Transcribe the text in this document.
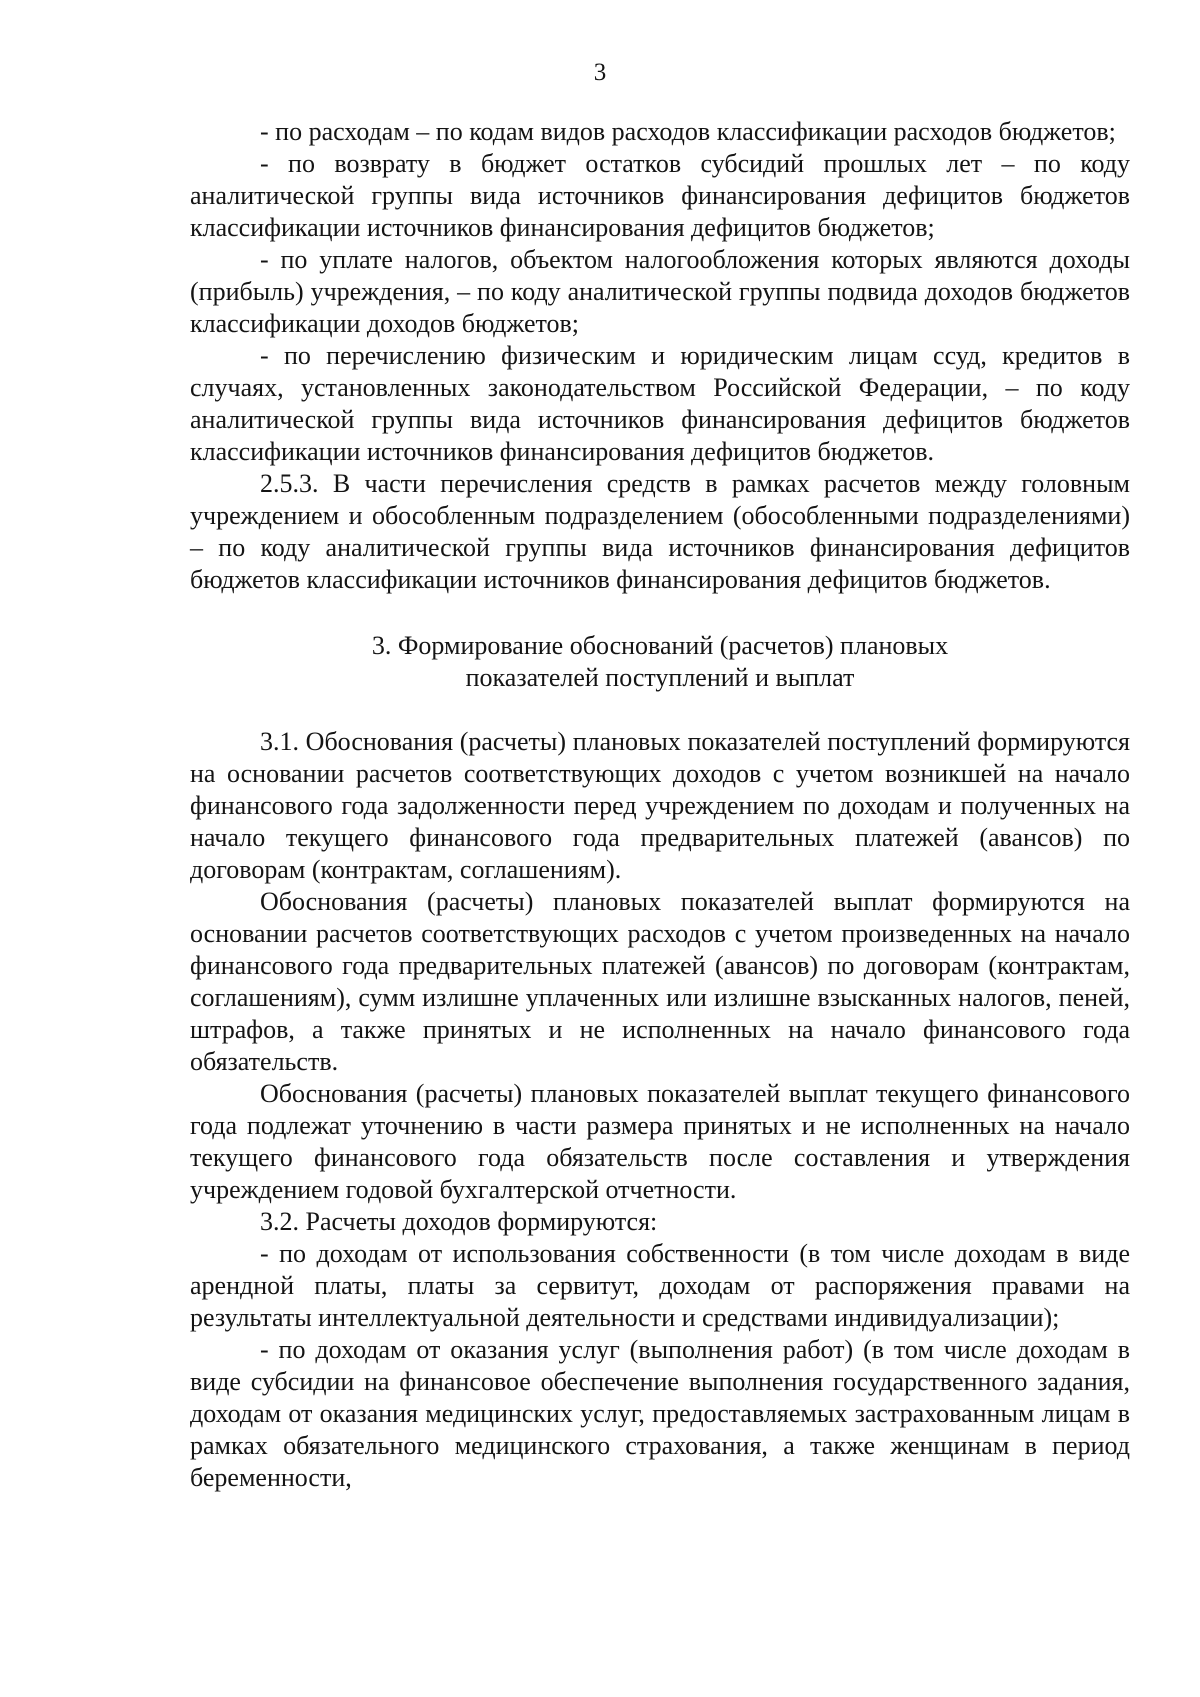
3

- по расходам – по кодам видов расходов классификации расходов бюджетов;

- по возврату в бюджет остатков субсидий прошлых лет – по коду аналитической группы вида источников финансирования дефицитов бюджетов классификации источников финансирования дефицитов бюджетов;

- по уплате налогов, объектом налогообложения которых являются доходы (прибыль) учреждения, – по коду аналитической группы подвида доходов бюджетов классификации доходов бюджетов;

- по перечислению физическим и юридическим лицам ссуд, кредитов в случаях, установленных законодательством Российской Федерации, – по коду аналитической группы вида источников финансирования дефицитов бюджетов классификации источников финансирования дефицитов бюджетов.

2.5.3. В части перечисления средств в рамках расчетов между головным учреждением и обособленным подразделением (обособленными подразделениями) – по коду аналитической группы вида источников финансирования дефицитов бюджетов классификации источников финансирования дефицитов бюджетов.

3. Формирование обоснований (расчетов) плановых
показателей поступлений и выплат

3.1. Обоснования (расчеты) плановых показателей поступлений формируются на основании расчетов соответствующих доходов с учетом возникшей на начало финансового года задолженности перед учреждением по доходам и полученных на начало текущего финансового года предварительных платежей (авансов) по договорам (контрактам, соглашениям).

Обоснования (расчеты) плановых показателей выплат формируются на основании расчетов соответствующих расходов с учетом произведенных на начало финансового года предварительных платежей (авансов) по договорам (контрактам, соглашениям), сумм излишне уплаченных или излишне взысканных налогов, пеней, штрафов, а также принятых и не исполненных на начало финансового года обязательств.

Обоснования (расчеты) плановых показателей выплат текущего финансового года подлежат уточнению в части размера принятых и не исполненных на начало текущего финансового года обязательств после составления и утверждения учреждением годовой бухгалтерской отчетности.

3.2. Расчеты доходов формируются:

- по доходам от использования собственности (в том числе доходам в виде арендной платы, платы за сервитут, доходам от распоряжения правами на результаты интеллектуальной деятельности и средствами индивидуализации);

- по доходам от оказания услуг (выполнения работ) (в том числе доходам в виде субсидии на финансовое обеспечение выполнения государственного задания, доходам от оказания медицинских услуг, предоставляемых застрахованным лицам в рамках обязательного медицинского страхования, а также женщинам в период беременности,
